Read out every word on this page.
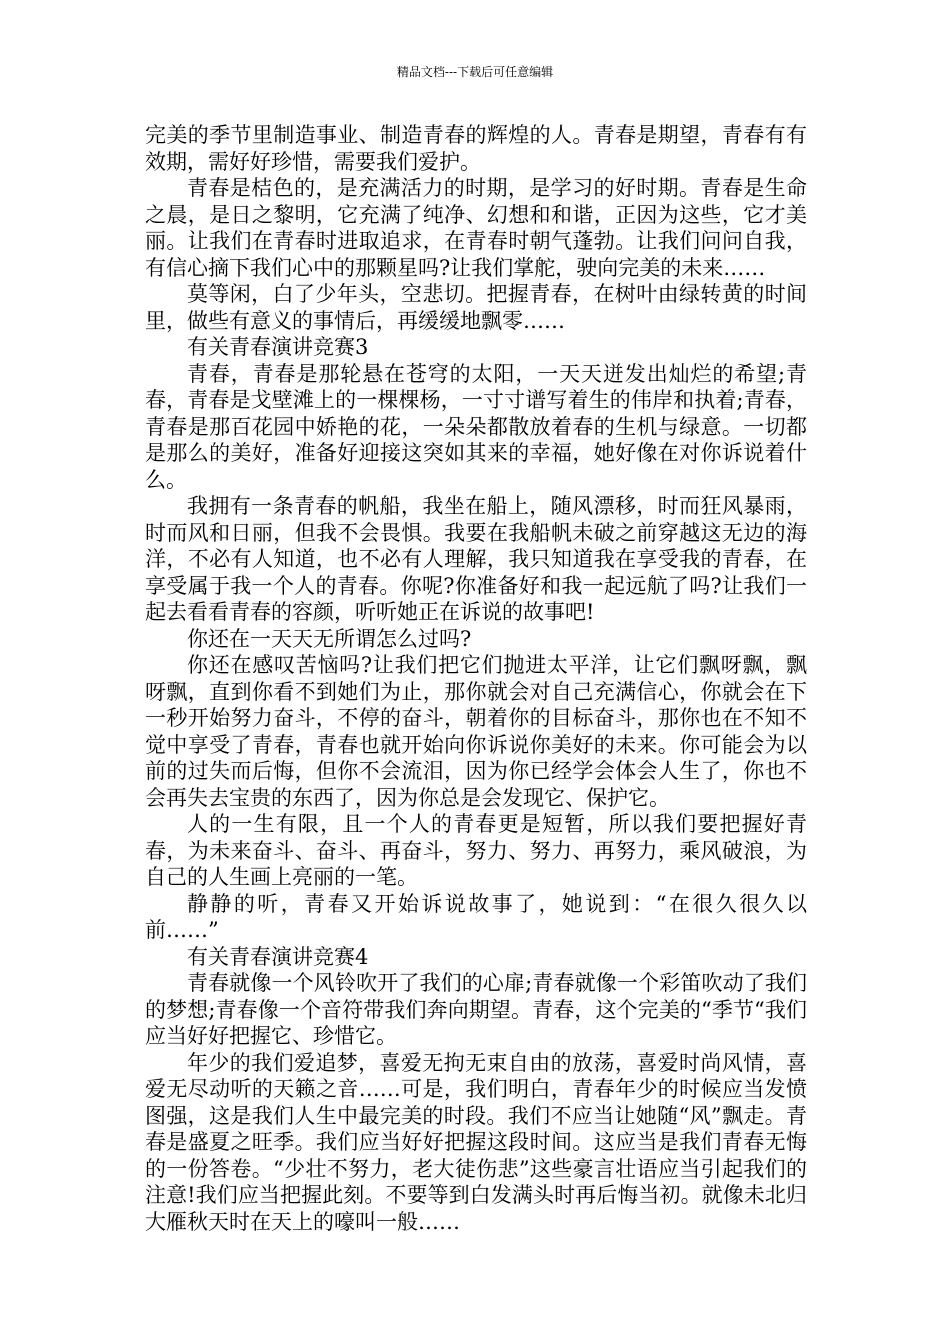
精品文档---下载后可任意编辑

完美的季节里制造事业、制造青春的辉煌的人。青春是期望，青春有有效期，需好好珍惜，需要我们爱护。

青春是桔色的，是充满活力的时期，是学习的好时期。青春是生命之晨，是日之黎明，它充满了纯净、幻想和和谐，正因为这些，它才美丽。让我们在青春时进取追求，在青春时朝气蓬勃。让我们问问自我，有信心摘下我们心中的那颗星吗?让我们掌舵，驶向完美的未来……

莫等闲，白了少年头，空悲切。把握青春，在树叶由绿转黄的时间里，做些有意义的事情后，再缓缓地飘零……

有关青春演讲竞赛3

青春，青春是那轮悬在苍穹的太阳，一天天迸发出灿烂的希望;青春，青春是戈壁滩上的一棵棵杨，一寸寸谱写着生的伟岸和执着;青春，青春是那百花园中娇艳的花，一朵朵都散放着春的生机与绿意。一切都是那么的美好，准备好迎接这突如其来的幸福，她好像在对你诉说着什么。

我拥有一条青春的帆船，我坐在船上，随风漂移，时而狂风暴雨，时而风和日丽，但我不会畏惧。我要在我船帆未破之前穿越这无边的海洋，不必有人知道，也不必有人理解，我只知道我在享受我的青春，在享受属于我一个人的青春。你呢?你准备好和我一起远航了吗?让我们一起去看看青春的容颜，听听她正在诉说的故事吧!

你还在一天天无所谓怎么过吗?

你还在感叹苦恼吗?让我们把它们抛进太平洋，让它们飘呀飘，飘呀飘，直到你看不到她们为止，那你就会对自己充满信心，你就会在下一秒开始努力奋斗，不停的奋斗，朝着你的目标奋斗，那你也在不知不觉中享受了青春，青春也就开始向你诉说你美好的未来。你可能会为以前的过失而后悔，但你不会流泪，因为你已经学会体会人生了，你也不会再失去宝贵的东西了，因为你总是会发现它、保护它。

人的一生有限，且一个人的青春更是短暂，所以我们要把握好青春，为未来奋斗、奋斗、再奋斗，努力、努力、再努力，乘风破浪，为自己的人生画上亮丽的一笔。

静静的听，青春又开始诉说故事了，她说到：“在很久很久以前……”

有关青春演讲竞赛4

青春就像一个风铃吹开了我们的心扉;青春就像一个彩笛吹动了我们的梦想;青春像一个音符带我们奔向期望。青春，这个完美的“季节“我们应当好好把握它、珍惜它。

年少的我们爱追梦，喜爱无拘无束自由的放荡，喜爱时尚风情，喜爱无尽动听的天籁之音……可是，我们明白，青春年少的时候应当发愤图强，这是我们人生中最完美的时段。我们不应当让她随“风”飘走。青春是盛夏之旺季。我们应当好好把握这段时间。这应当是我们青春无悔的一份答卷。“少壮不努力，老大徒伤悲”这些豪言壮语应当引起我们的注意!我们应当把握此刻。不要等到白发满头时再后悔当初。就像未北归大雁秋天时在天上的嚎叫一般……
